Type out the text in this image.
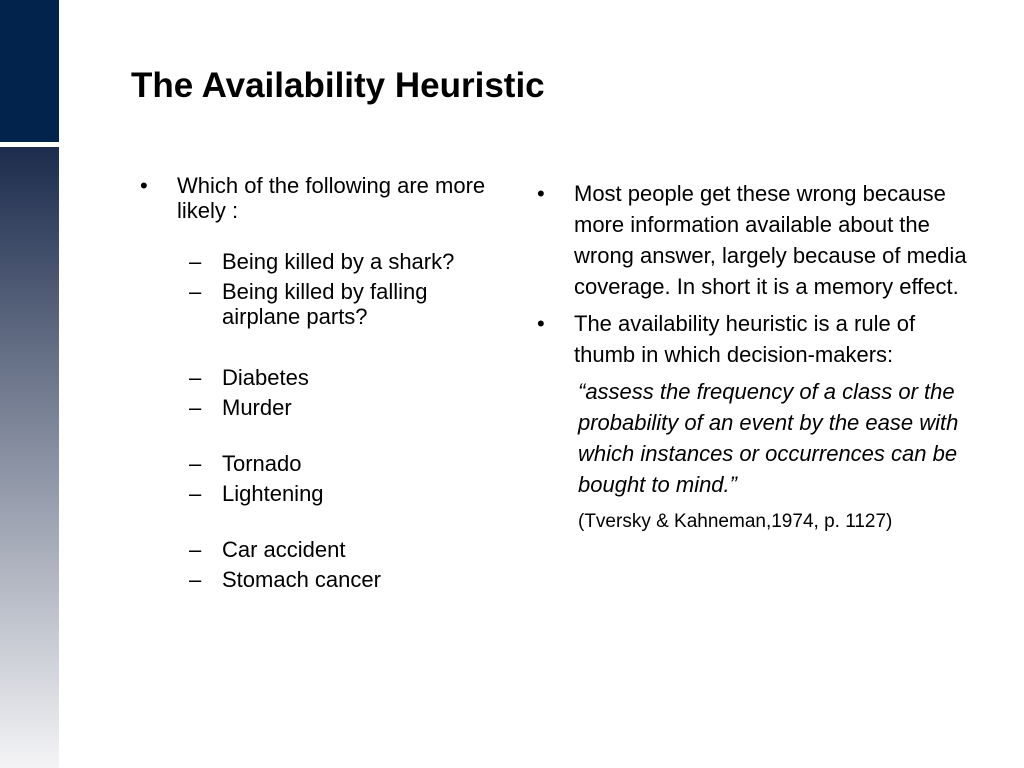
The Availability Heuristic
• Which of the following are more likely :
– Being killed by a shark?
– Being killed by falling airplane parts?
– Diabetes
– Murder
– Tornado
– Lightening
– Car accident
– Stomach cancer
• Most people get these wrong because more information available about the wrong answer, largely because of media coverage. In short it is a memory effect.
• The availability heuristic is a rule of thumb in which decision-makers:
“assess the frequency of a class or the probability of an event by the ease with which instances or occurrences can be bought to mind.”
(Tversky & Kahneman,1974, p. 1127)
